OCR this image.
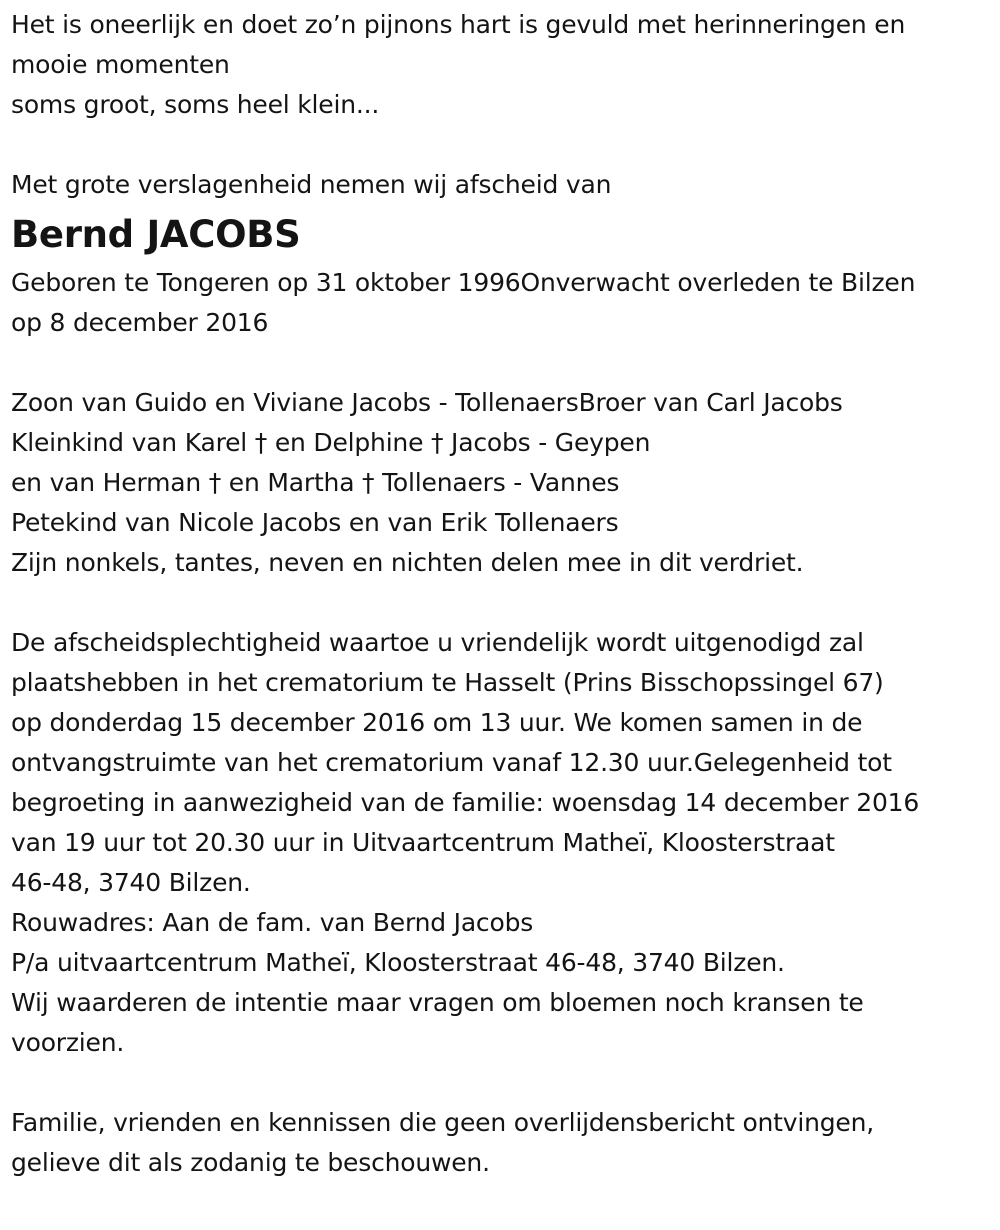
Het is oneerlijk en doet zo’n pijnons hart is gevuld met herinneringen en
mooie momenten
soms groot, soms heel klein...
Met grote verslagenheid nemen wij afscheid van
Bernd JACOBS
Geboren te Tongeren op 31 oktober 1996Onverwacht overleden te Bilzen
op 8 december 2016
Zoon van Guido en Viviane Jacobs - TollenaersBroer van Carl Jacobs
Kleinkind van Karel † en Delphine † Jacobs - Geypen
en van Herman † en Martha † Tollenaers - Vannes
Petekind van Nicole Jacobs en van Erik Tollenaers
Zijn nonkels, tantes, neven en nichten delen mee in dit verdriet.
De afscheidsplechtigheid waartoe u vriendelijk wordt uitgenodigd zal
plaatshebben in het crematorium te Hasselt (Prins Bisschopssingel 67)
op donderdag 15 december 2016 om 13 uur. We komen samen in de
ontvangstruimte van het crematorium vanaf 12.30 uur.Gelegenheid tot
begroeting in aanwezigheid van de familie: woensdag 14 december 2016
van 19 uur tot 20.30 uur in Uitvaartcentrum Matheï, Kloosterstraat
46-48, 3740 Bilzen.
Rouwadres: Aan de fam. van Bernd Jacobs
P/a uitvaartcentrum Matheï, Kloosterstraat 46-48, 3740 Bilzen.
Wij waarderen de intentie maar vragen om bloemen noch kransen te
voorzien.
Familie, vrienden en kennissen die geen overlijdensbericht ontvingen,
gelieve dit als zodanig te beschouwen.
